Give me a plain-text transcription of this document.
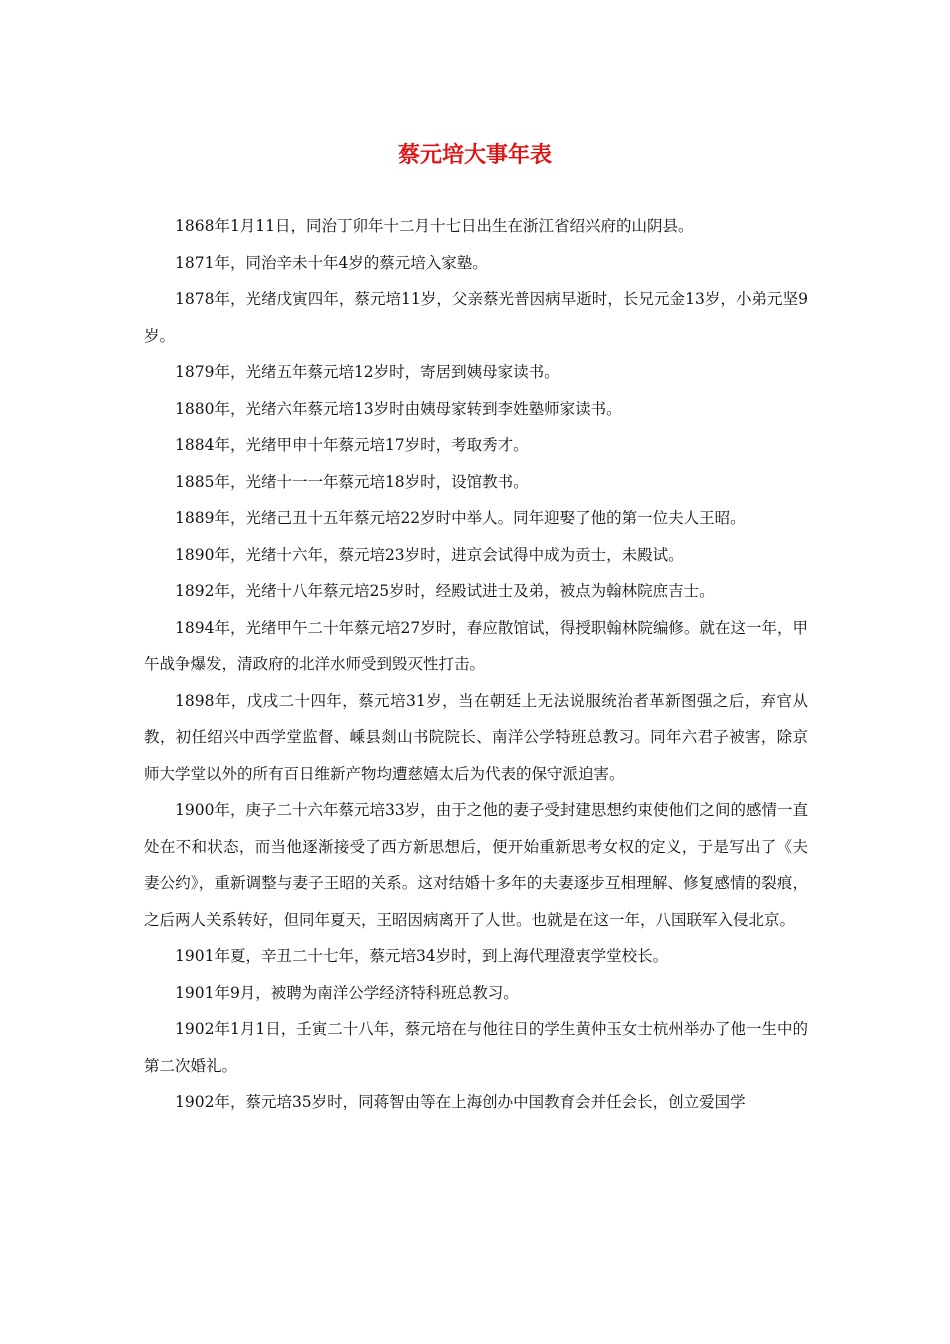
蔡元培大事年表

1868年1月11日，同治丁卯年十二月十七日出生在浙江省绍兴府的山阴县。

1871年，同治辛未十年4岁的蔡元培入家塾。

1878年，光绪戊寅四年，蔡元培11岁，父亲蔡光普因病早逝时，长兄元金13岁，小弟元坚9岁。

1879年，光绪五年蔡元培12岁时，寄居到姨母家读书。

1880年，光绪六年蔡元培13岁时由姨母家转到李姓塾师家读书。

1884年，光绪甲申十年蔡元培17岁时，考取秀才。

1885年，光绪十一一年蔡元培18岁时，设馆教书。

1889年，光绪己丑十五年蔡元培22岁时中举人。同年迎娶了他的第一位夫人王昭。

1890年，光绪十六年，蔡元培23岁时，进京会试得中成为贡士，未殿试。

1892年，光绪十八年蔡元培25岁时，经殿试进士及弟，被点为翰林院庶吉士。

1894年，光绪甲午二十年蔡元培27岁时，春应散馆试，得授职翰林院编修。就在这一年，甲午战争爆发，清政府的北洋水师受到毁灭性打击。

1898年，戊戌二十四年，蔡元培31岁，当在朝廷上无法说服统治者革新图强之后，弃官从教，初任绍兴中西学堂监督、嵊县剡山书院院长、南洋公学特班总教习。同年六君子被害，除京师大学堂以外的所有百日维新产物均遭慈嬉太后为代表的保守派迫害。

1900年，庚子二十六年蔡元培33岁，由于之他的妻子受封建思想约束使他们之间的感情一直处在不和状态，而当他逐渐接受了西方新思想后，便开始重新思考女权的定义，于是写出了《夫妻公约》，重新调整与妻子王昭的关系。这对结婚十多年的夫妻逐步互相理解、修复感情的裂痕，之后两人关系转好，但同年夏天，王昭因病离开了人世。也就是在这一年，八国联军入侵北京。

1901年夏，辛丑二十七年，蔡元培34岁时，到上海代理澄衷学堂校长。

1901年9月，被聘为南洋公学经济特科班总教习。

1902年1月1日，壬寅二十八年，蔡元培在与他往日的学生黄仲玉女士杭州举办了他一生中的第二次婚礼。

1902年，蔡元培35岁时，同蒋智由等在上海创办中国教育会并任会长，创立爱国学
